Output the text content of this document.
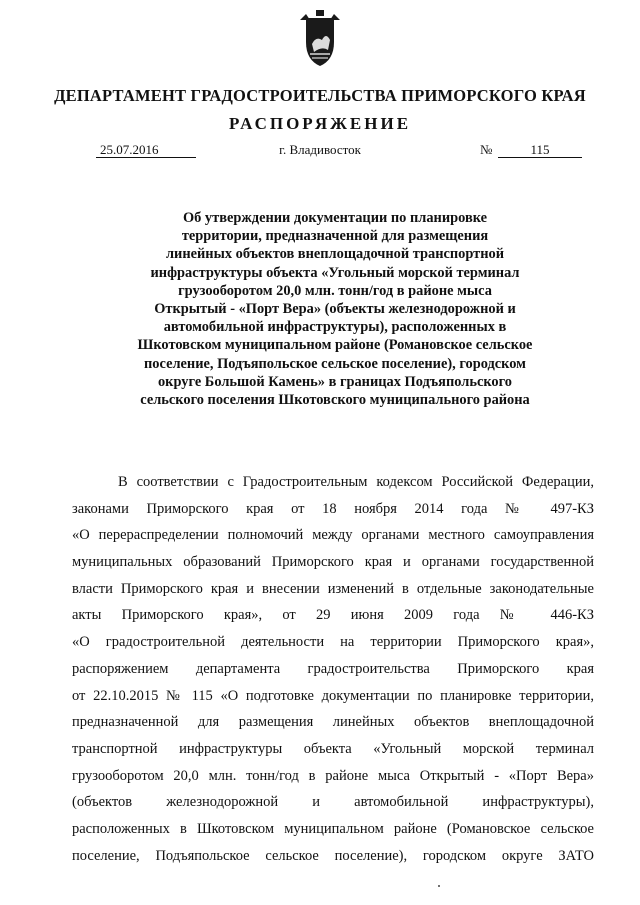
ДЕПАРТАМЕНТ ГРАДОСТРОИТЕЛЬСТВА ПРИМОРСКОГО КРАЯ
РАСПОРЯЖЕНИЕ
25.07.2016	г. Владивосток	№	115
Об утверждении документации по планировке
территории, предназначенной для размещения
линейных объектов внеплощадочной транспортной
инфраструктуры объекта «Угольный морской терминал
грузооборотом 20,0 млн. тонн/год в районе мыса
Открытый - «Порт Вера» (объекты железнодорожной и
автомобильной инфраструктуры), расположенных в
Шкотовском муниципальном районе (Романовское сельское
поселение, Подъяпольское сельское поселение), городском
округе Большой Камень» в границах Подъяпольского
сельского поселения Шкотовского муниципального района
В соответствии с Градостроительным кодексом Российской Федерации,
законами Приморского края от 18 ноября 2014 года № 497-КЗ
«О перераспределении полномочий между органами местного самоуправления
муниципальных образований Приморского края и органами государственной
власти Приморского края и внесении изменений в отдельные законодательные
акты Приморского края», от 29 июня 2009 года № 446-КЗ
«О градостроительной деятельности на территории Приморского края»,
распоряжением департамента градостроительства Приморского края
от 22.10.2015 № 115 «О подготовке документации по планировке территории,
предназначенной для размещения линейных объектов внеплощадочной
транспортной инфраструктуры объекта «Угольный морской терминал
грузооборотом 20,0 млн. тонн/год в районе мыса Открытый - «Порт Вера»
(объектов железнодорожной и автомобильной инфраструктуры),
расположенных в Шкотовском муниципальном районе (Романовское сельское
поселение, Подъяпольское сельское поселение), городском округе ЗАТО
